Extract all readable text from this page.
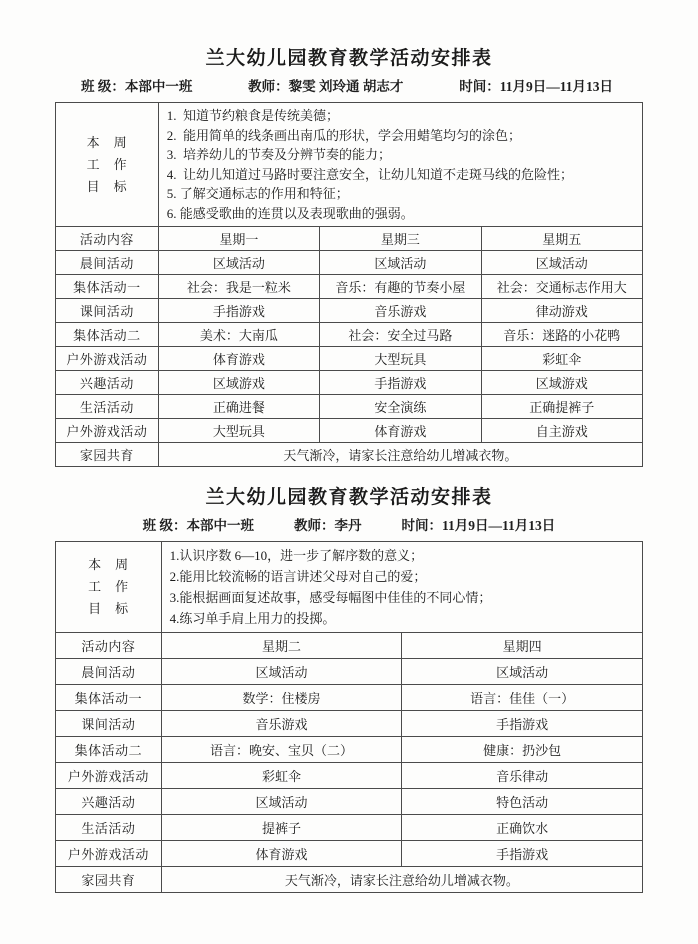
兰大幼儿园教育教学活动安排表
班 级：本部中一班	教师：黎雯 刘玲通 胡志才	时间：11月9日—11月13日
本　周
工　作
目　标

1.  知道节约粮食是传统美德；
2.  能用简单的线条画出南瓜的形状，学会用蜡笔均匀的涂色；
3.  培养幼儿的节奏及分辨节奏的能力；
4.  让幼儿知道过马路时要注意安全，让幼儿知道不走斑马线的危险性；
5. 了解交通标志的作用和特征；
6. 能感受歌曲的连贯以及表现歌曲的强弱。

活动内容	星期一	星期三	星期五
晨间活动	区域活动	区域活动	区域活动
集体活动一	社会：我是一粒米	音乐：有趣的节奏小屋	社会：交通标志作用大
课间活动	手指游戏	音乐游戏	律动游戏
集体活动二	美术：大南瓜	社会：安全过马路	音乐：迷路的小花鸭
户外游戏活动	体育游戏	大型玩具	彩虹伞
兴趣活动	区域游戏	手指游戏	区域游戏
生活活动	正确进餐	安全演练	正确提裤子
户外游戏活动	大型玩具	体育游戏	自主游戏
家园共育	天气渐冷，请家长注意给幼儿增减衣物。		
兰大幼儿园教育教学活动安排表
班 级：本部中一班	教师：李丹	时间：11月9日—11月13日
本　周
工　作
目　标

1.认识序数 6—10，进一步了解序数的意义；
2.能用比较流畅的语言讲述父母对自己的爱；
3.能根据画面复述故事，感受每幅图中佳佳的不同心情；
4.练习单手肩上用力的投掷。

活动内容	星期二	星期四
晨间活动	区域活动	区域活动
集体活动一	数学：住楼房	语言：佳佳（一）
课间活动	音乐游戏	手指游戏
集体活动二	语言：晚安、宝贝（二）	健康：扔沙包
户外游戏活动	彩虹伞	音乐律动
兴趣活动	区域活动	特色活动
生活活动	提裤子	正确饮水
户外游戏活动	体育游戏	手指游戏
家园共育	天气渐冷，请家长注意给幼儿增减衣物。	
